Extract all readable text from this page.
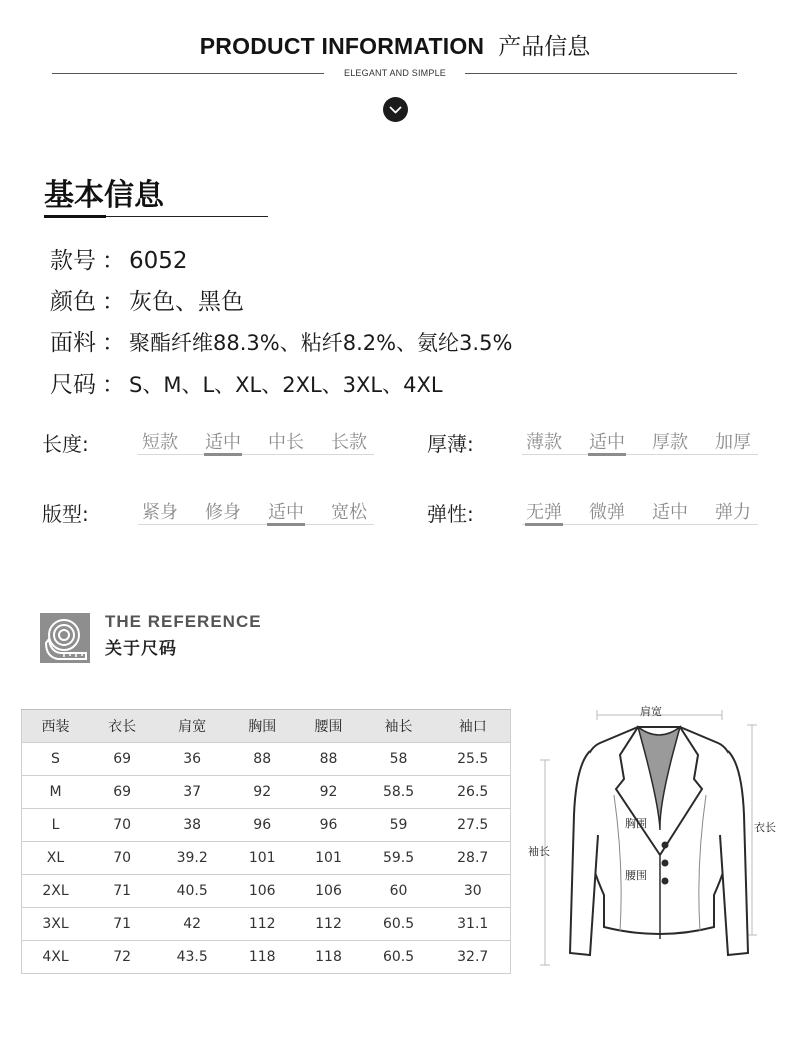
PRODUCT INFORMATION 产品信息
ELEGANT AND SIMPLE
基本信息
款号 ： 6052
颜色 ： 灰色、黑色
面料 ： 聚酯纤维88.3%、粘纤8.2%、氨纶3.5%
尺码 ： S、M、L、XL、2XL、3XL、4XL
长度:	短款 适中 中长 长款	厚薄:	薄款 适中 厚款 加厚
版型:	紧身 修身 适中 宽松	弹性:	无弹 微弹 适中 弹力
THE REFERENCE
关于尺码
西装	衣长	肩宽	胸围	腰围	袖长	袖口
S	69	36	88	88	58	25.5
M	69	37	92	92	58.5	26.5
L	70	38	96	96	59	27.5
XL	70	39.2	101	101	59.5	28.7
2XL	71	40.5	106	106	60	30
3XL	71	42	112	112	60.5	31.1
4XL	72	43.5	118	118	60.5	32.7
肩宽
胸围	衣长
袖长
腰围
